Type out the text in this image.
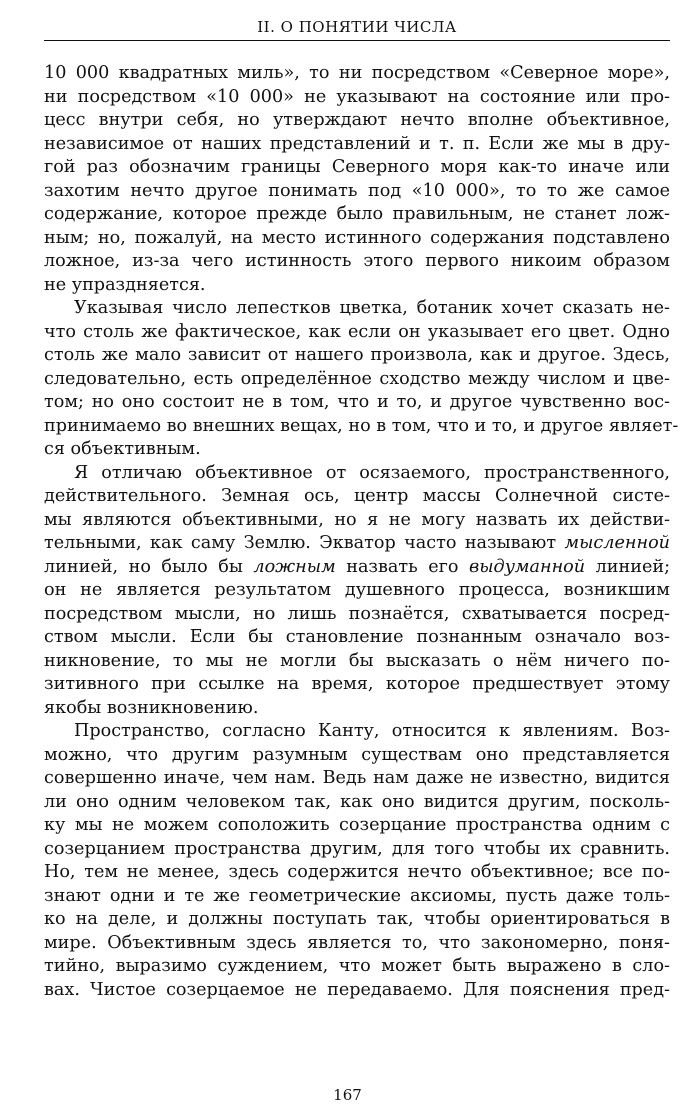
II. О ПОНЯТИИ ЧИСЛА
10 000 квадратных миль», то ни посредством «Северное море»,
ни посредством «10 000» не указывают на состояние или про-
цесс внутри себя, но утверждают нечто вполне объективное,
независимое от наших представлений и т. п. Если же мы в дру-
гой раз обозначим границы Северного моря как-то иначе или
захотим нечто другое понимать под «10 000», то то же самое
содержание, которое прежде было правильным, не станет лож-
ным; но, пожалуй, на место истинного содержания подставлено
ложное, из-за чего истинность этого первого никоим образом
не упраздняется.
Указывая число лепестков цветка, ботаник хочет сказать не-
что столь же фактическое, как если он указывает его цвет. Одно
столь же мало зависит от нашего произвола, как и другое. Здесь,
следовательно, есть определённое сходство между числом и цве-
том; но оно состоит не в том, что и то, и другое чувственно вос-
принимаемо во внешних вещах, но в том, что и то, и другое являет-
ся объективным.
Я отличаю объективное от осязаемого, пространственного,
действительного. Земная ось, центр массы Солнечной систе-
мы являются объективными, но я не могу назвать их действи-
тельными, как саму Землю. Экватор часто называют мысленной
линией, но было бы ложным назвать его выдуманной линией;
он не является результатом душевного процесса, возникшим
посредством мысли, но лишь познаётся, схватывается посред-
ством мысли. Если бы становление познанным означало воз-
никновение, то мы не могли бы высказать о нём ничего по-
зитивного при ссылке на время, которое предшествует этому
якобы возникновению.
Пространство, согласно Канту, относится к явлениям. Воз-
можно, что другим разумным существам оно представляется
совершенно иначе, чем нам. Ведь нам даже не известно, видится
ли оно одним человеком так, как оно видится другим, посколь-
ку мы не можем соположить созерцание пространства одним с
созерцанием пространства другим, для того чтобы их сравнить.
Но, тем не менее, здесь содержится нечто объективное; все по-
знают одни и те же геометрические аксиомы, пусть даже толь-
ко на деле, и должны поступать так, чтобы ориентироваться в
мире. Объективным здесь является то, что закономерно, поня-
тийно, выразимо суждением, что может быть выражено в сло-
вах. Чистое созерцаемое не передаваемо. Для пояснения пред-
167
